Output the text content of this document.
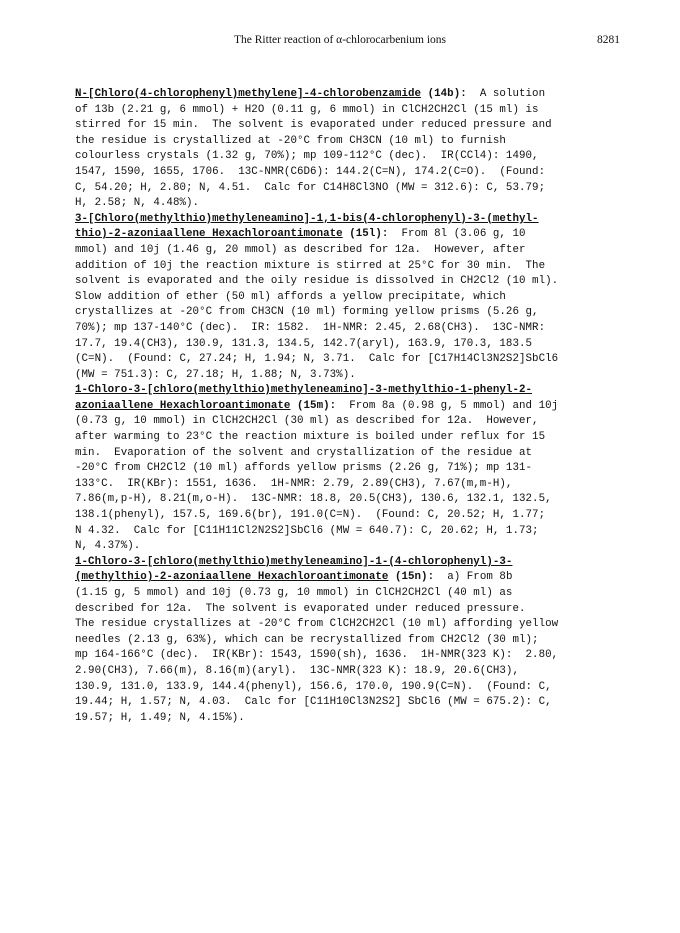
The Ritter reaction of α-chlorocarbenium ions	8281
N-[Chloro(4-chlorophenyl)methylene]-4-chlorobenzamide (14b): A solution
of 13b (2.21 g, 6 mmol) + H2O (0.11 g, 6 mmol) in ClCH2CH2Cl (15 ml) is
stirred for 15 min.  The solvent is evaporated under reduced pressure and
the residue is crystallized at -20°C from CH3CN (10 ml) to furnish
colourless crystals (1.32 g, 70%); mp 109-112°C (dec).  IR(CCl4): 1490,
1547, 1590, 1655, 1706.  13C-NMR(C6D6): 144.2(C=N), 174.2(C=O).  (Found:
C, 54.20; H, 2.80; N, 4.51.  Calc for C14H8Cl3NO (MW = 312.6): C, 53.79;
H, 2.58; N, 4.48%).
3-[Chloro(methylthio)methyleneamino]-1,1-bis(4-chlorophenyl)-3-(methyl-
thio)-2-azoniaallene Hexachloroantimonate (15l): From 8l (3.06 g, 10
mmol) and 10j (1.46 g, 20 mmol) as described for 12a.  However, after
addition of 10j the reaction mixture is stirred at 25°C for 30 min.  The
solvent is evaporated and the oily residue is dissolved in CH2Cl2 (10 ml).
Slow addition of ether (50 ml) affords a yellow precipitate, which
crystallizes at -20°C from CH3CN (10 ml) forming yellow prisms (5.26 g,
70%); mp 137-140°C (dec).  IR: 1582.  1H-NMR: 2.45, 2.68(CH3).  13C-NMR:
17.7, 19.4(CH3), 130.9, 131.3, 134.5, 142.7(aryl), 163.9, 170.3, 183.5
(C=N).  (Found: C, 27.24; H, 1.94; N, 3.71.  Calc for [C17H14Cl3N2S2]SbCl6
(MW = 751.3): C, 27.18; H, 1.88; N, 3.73%).
1-Chloro-3-[chloro(methylthio)methyleneamino]-3-methylthio-1-phenyl-2-
azoniaallene Hexachloroantimonate (15m): From 8a (0.98 g, 5 mmol) and 10j
(0.73 g, 10 mmol) in ClCH2CH2Cl (30 ml) as described for 12a.  However,
after warming to 23°C the reaction mixture is boiled under reflux for 15
min.  Evaporation of the solvent and crystallization of the residue at
-20°C from CH2Cl2 (10 ml) affords yellow prisms (2.26 g, 71%); mp 131-
133°C.  IR(KBr): 1551, 1636.  1H-NMR: 2.79, 2.89(CH3), 7.67(m,m-H),
7.86(m,p-H), 8.21(m,o-H).  13C-NMR: 18.8, 20.5(CH3), 130.6, 132.1, 132.5,
138.1(phenyl), 157.5, 169.6(br), 191.0(C=N).  (Found: C, 20.52; H, 1.77;
N 4.32.  Calc for [C11H11Cl2N2S2]SbCl6 (MW = 640.7): C, 20.62; H, 1.73;
N, 4.37%).
1-Chloro-3-[chloro(methylthio)methyleneamino]-1-(4-chlorophenyl)-3-
(methylthio)-2-azoniaallene Hexachloroantimonate (15n): a) From 8b
(1.15 g, 5 mmol) and 10j (0.73 g, 10 mmol) in ClCH2CH2Cl (40 ml) as
described for 12a.  The solvent is evaporated under reduced pressure.
The residue crystallizes at -20°C from ClCH2CH2Cl (10 ml) affording yellow
needles (2.13 g, 63%), which can be recrystallized from CH2Cl2 (30 ml);
mp 164-166°C (dec).  IR(KBr): 1543, 1590(sh), 1636.  1H-NMR(323 K):  2.80,
2.90(CH3), 7.66(m), 8.16(m)(aryl).  13C-NMR(323 K): 18.9, 20.6(CH3),
130.9, 131.0, 133.9, 144.4(phenyl), 156.6, 170.0, 190.9(C=N).  (Found: C,
19.44; H, 1.57; N, 4.03.  Calc for [C11H10Cl3N2S2] SbCl6 (MW = 675.2): C,
19.57; H, 1.49; N, 4.15%).
